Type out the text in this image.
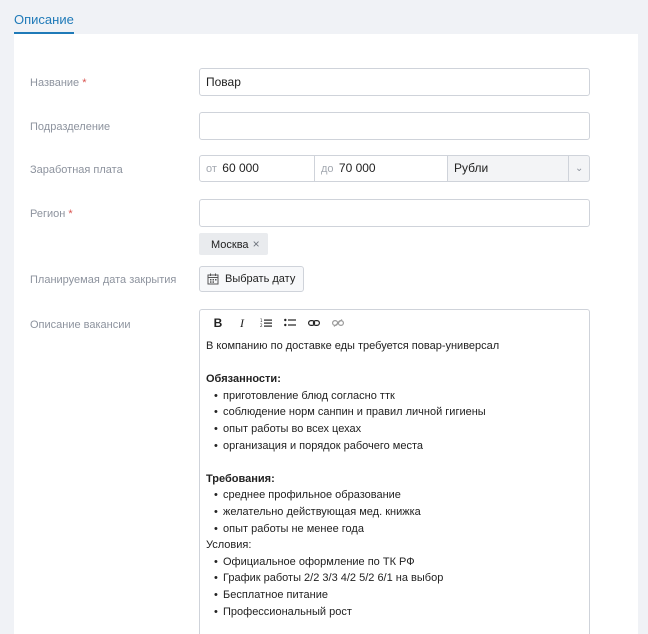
Описание
Название *	Повар
Подразделение
Заработная плата	от 60 000	до 70 000	Рубли	⌄
Регион *
Москва ×
Планируемая дата закрытия	Выбрать дату
Описание вакансии	B	I	1
2

В компанию по доставке еды требуется повар-универсал

Обязанности:

• приготовление блюд согласно ттк
• соблюдение норм санпин и правил личной гигиены
• опыт работы во всех цехах
• организация и порядок рабочего места

Требования:

• среднее профильное образование
• желательно действующая мед. книжка
• опыт работы не менее года

Условия:

• Официальное оформление по ТК РФ
• График работы 2/2 3/3 4/2 5/2 6/1 на выбор
• Бесплатное питание
• Профессиональный рост
